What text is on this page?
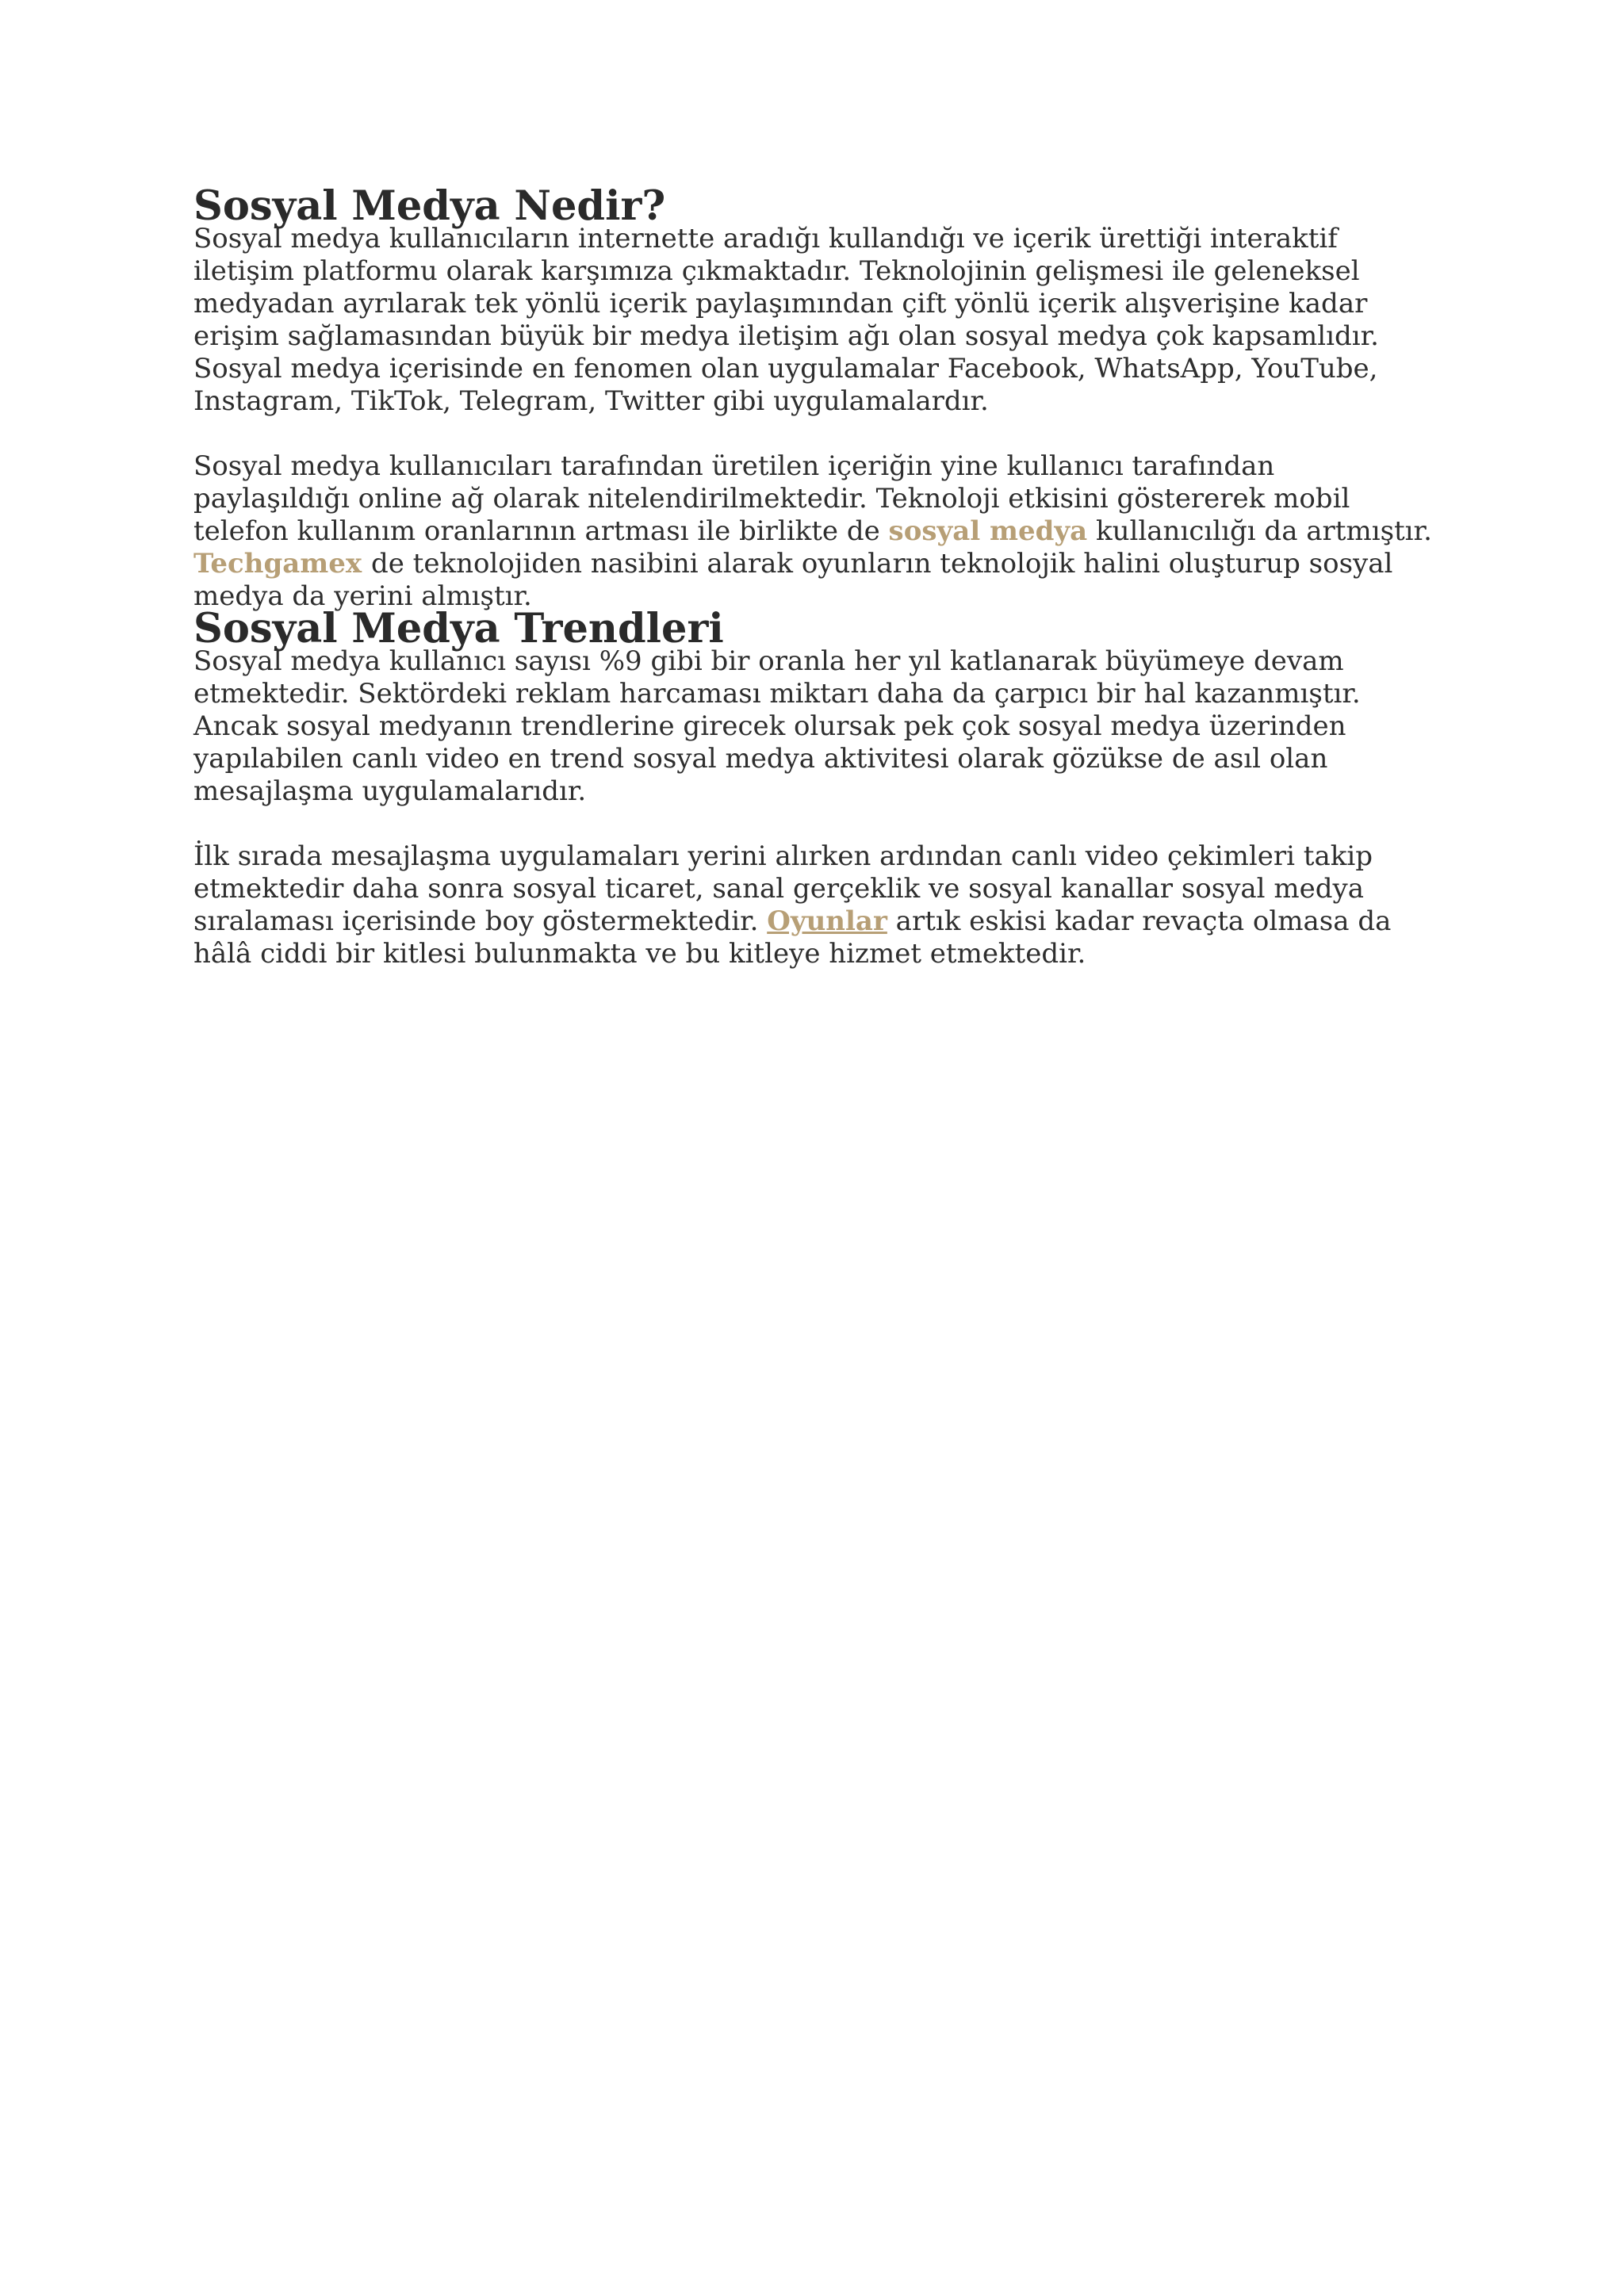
Sosyal Medya Nedir?

Sosyal medya kullanıcıların internette aradığı kullandığı ve içerik ürettiği interaktif iletişim platformu olarak karşımıza çıkmaktadır. Teknolojinin gelişmesi ile geleneksel medyadan ayrılarak tek yönlü içerik paylaşımından çift yönlü içerik alışverişine kadar erişim sağlamasından büyük bir medya iletişim ağı olan sosyal medya çok kapsamlıdır. Sosyal medya içerisinde en fenomen olan uygulamalar Facebook, WhatsApp, YouTube, Instagram, TikTok, Telegram, Twitter gibi uygulamalardır.

Sosyal medya kullanıcıları tarafından üretilen içeriğin yine kullanıcı tarafından paylaşıldığı online ağ olarak nitelendirilmektedir. Teknoloji etkisini göstererek mobil telefon kullanım oranlarının artması ile birlikte de sosyal medya kullanıcılığı da artmıştır. Techgamex de teknolojiden nasibini alarak oyunların teknolojik halini oluşturup sosyal medya da yerini almıştır.

Sosyal Medya Trendleri

Sosyal medya kullanıcı sayısı %9 gibi bir oranla her yıl katlanarak büyümeye devam etmektedir. Sektördeki reklam harcaması miktarı daha da çarpıcı bir hal kazanmıştır. Ancak sosyal medyanın trendlerine girecek olursak pek çok sosyal medya üzerinden yapılabilen canlı video en trend sosyal medya aktivitesi olarak gözükse de asıl olan mesajlaşma uygulamalarıdır.

İlk sırada mesajlaşma uygulamaları yerini alırken ardından canlı video çekimleri takip etmektedir daha sonra sosyal ticaret, sanal gerçeklik ve sosyal kanallar sosyal medya sıralaması içerisinde boy göstermektedir. Oyunlar artık eskisi kadar revaçta olmasa da hâlâ ciddi bir kitlesi bulunmakta ve bu kitleye hizmet etmektedir.
